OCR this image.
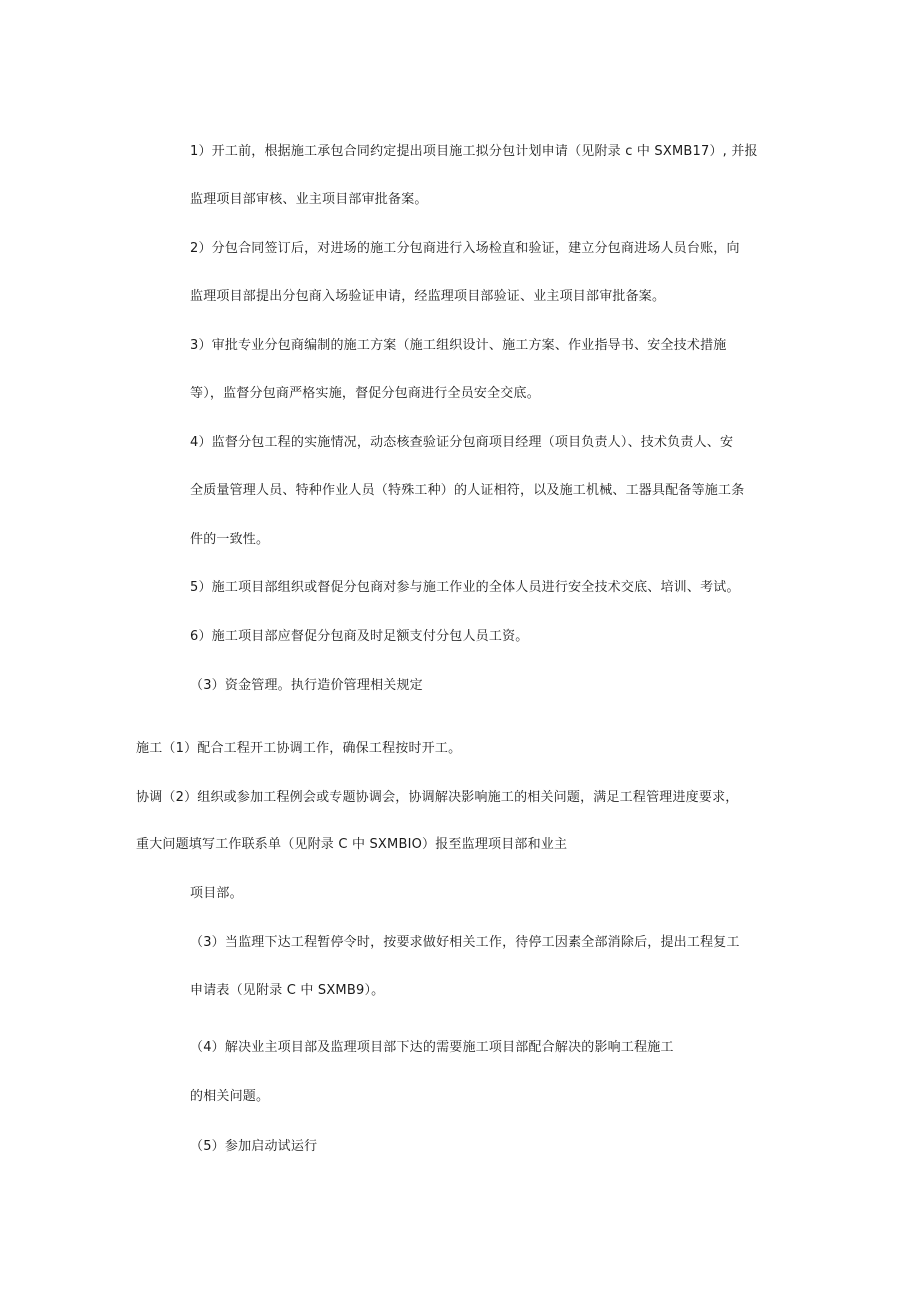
1）开工前，根据施工承包合同约定提出项目施工拟分包计划申请（见附录 c 中 SXMB17）, 并报
监理项目部审核、业主项目部审批备案。
2）分包合同签订后，对进场的施工分包商进行入场检直和验证，建立分包商进场人员台账，向
监理项目部提出分包商入场验证申请，经监理项目部验证、业主项目部审批备案。
3）审批专业分包商编制的施工方案（施工组织设计、施工方案、作业指导书、安全技术措施
等），监督分包商严格实施，督促分包商进行全员安全交底。
4）监督分包工程的实施情况，动态核查验证分包商项目经理（项目负责人）、技术负责人、安
全质量管理人员、特种作业人员（特殊工种）的人证相符，以及施工机械、工器具配备等施工条
件的一致性。
5）施工项目部组织或督促分包商对参与施工作业的全体人员进行安全技术交底、培训、考试。
6）施工项目部应督促分包商及时足额支付分包人员工资。
（3）资金管理。执行造价管理相关规定
施工（1）配合工程开工协调工作，确保工程按时开工。
协调（2）组织或参加工程例会或专题协调会，协调解决影响施工的相关问题，满足工程管理进度要求，
重大问题填写工作联系单（见附录 C 中 SXMBIO）报至监理项目部和业主
项目部。
（3）当监理下达工程暂停令时，按要求做好相关工作，待停工因素全部消除后，提出工程复工
申请表（见附录 C 中 SXMB9）。
（4）解决业主项目部及监理项目部下达的需要施工项目部配合解决的影响工程施工
的相关问题。
（5）参加启动试运行
